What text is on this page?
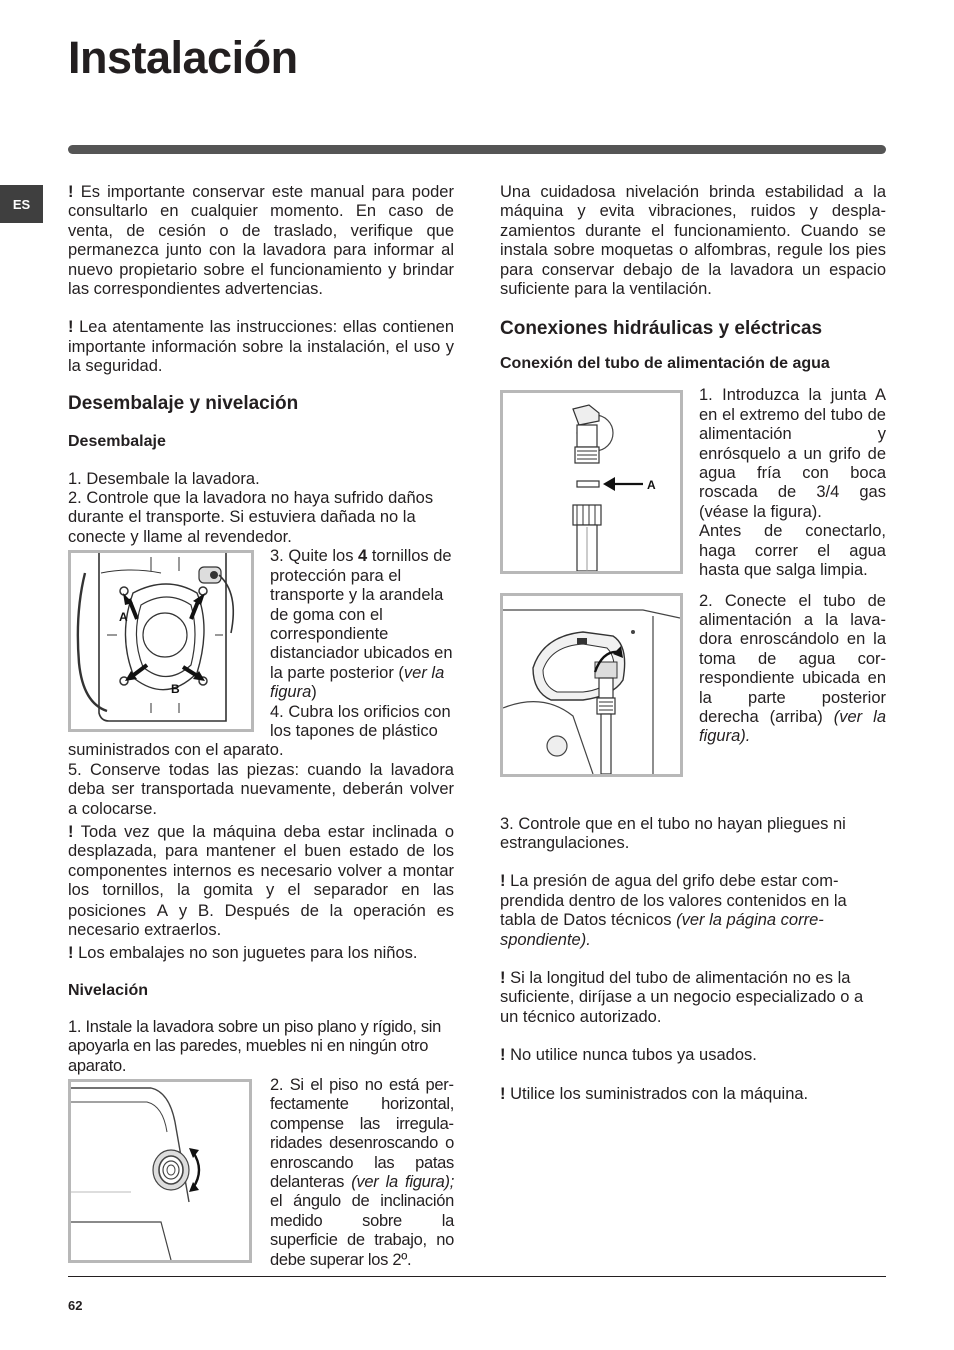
Instalación
ES

! Es importante conservar este manual para poder consultarlo en cualquier momento. En caso de venta, de cesión o de traslado, verifique que permanezca junto con la lavadora para informar al nuevo propietario sobre el funcionamiento y brindar las correspondientes advertencias.

! Lea atentamente las instrucciones: ellas contienen importante información sobre la instalación, el uso y la seguridad.

Desembalaje y nivelación
Desembalaje

1. Desembale la lavadora.

2. Controle que la lavadora no haya sufrido daños durante el transporte. Si estuviera dañada no la conecte y llame al revendedor.

A
B

3. Quite los 4 tornillos de protección para el transporte y la arandela de goma con el correspondiente distanciador ubicados en la parte posterior (ver la figura)

4. Cubra los orificios con los tapones de plástico suministrados con el aparato.

5. Conserve todas las piezas: cuando la lavadora deba ser transportada nuevamente, deberán volver a colocarse.

! Toda vez que la máquina deba estar inclinada o desplazada, para mantener el buen estado de los componentes internos es necesario volver a montar los tornillos, la gomita y el separador en las posiciones A y B. Después de la operación es necesario extraerlos.

! Los embalajes no son juguetes para los niños.

Nivelación

1. Instale la lavadora sobre un piso plano y rígido, sin apoyarla en las paredes, muebles ni en ningún otro aparato.

2. Si el piso no está perfectamente horizontal, compense las irregularidades desenroscando o enroscando las patas delanteras (ver la figura); el ángulo de inclinación medido sobre la superficie de trabajo, no debe superar los 2º.

Una cuidadosa nivelación brinda estabilidad a la máquina y evita vibraciones, ruidos y desplazamientos durante el funcionamiento. Cuando se instala sobre moquetas o alfombras, regule los pies para conservar debajo de la lavadora un espacio suficiente para la ventilación.

Conexiones hidráulicas y eléctricas
Conexión del tubo de alimentación de agua
A

1. Introduzca la junta A en el extremo del tubo de alimentación y enrósquelo a un grifo de agua fría con boca roscada de 3/4 gas (véase la figura).

Antes de conectarlo, haga correr el agua hasta que salga limpia.

2. Conecte el tubo de alimentación a la lavadora enroscándolo en la toma de agua correspondiente ubicada en la parte posterior derecha (arriba) (ver la figura).

3. Controle que en el tubo no hayan pliegues ni estrangulaciones.

! La presión de agua del grifo debe estar comprendida dentro de los valores contenidos en la tabla de Datos técnicos (ver la página correspondiente).

! Si la longitud del tubo de alimentación no es la suficiente, diríjase a un negocio especializado o a un técnico autorizado.

! No utilice nunca tubos ya usados.

! Utilice los suministrados con la máquina.

62
